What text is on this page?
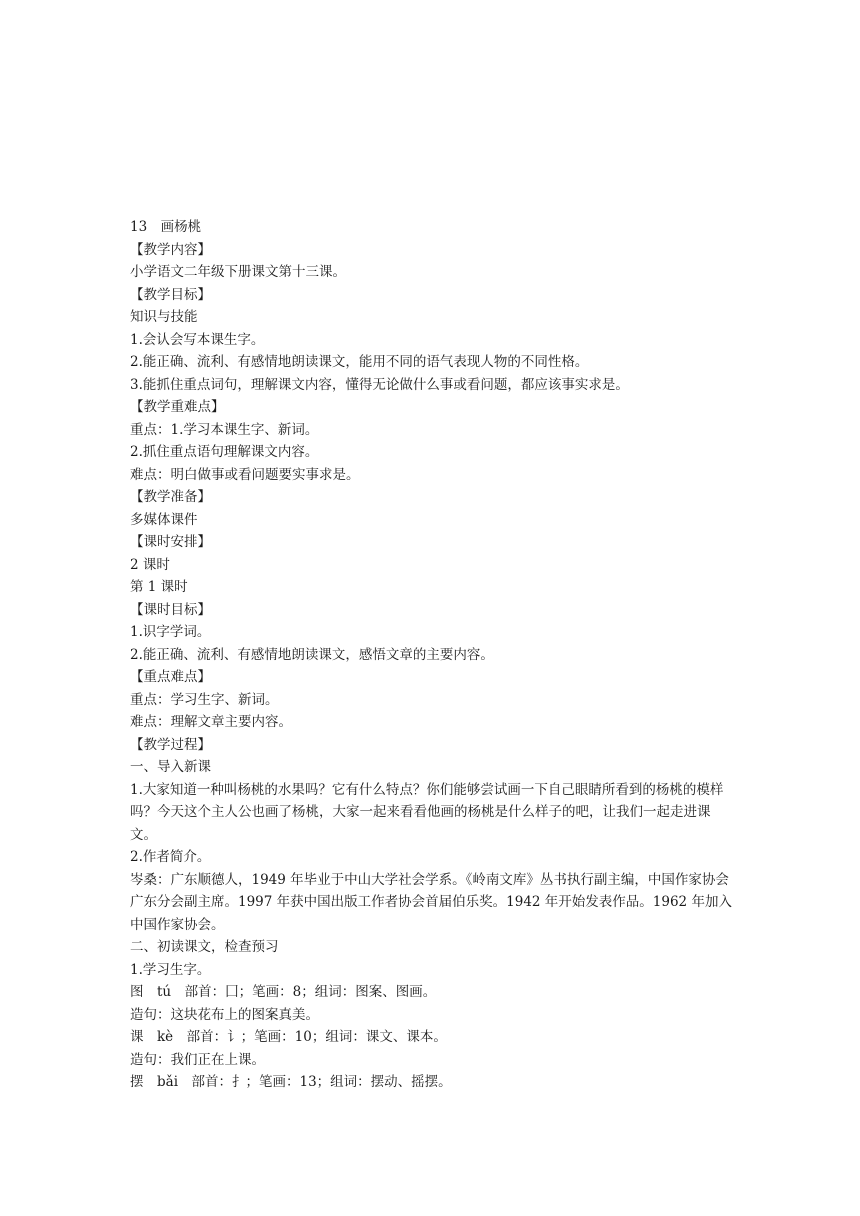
13　画杨桃
【教学内容】
小学语文二年级下册课文第十三课。
【教学目标】
知识与技能
1.会认会写本课生字。
2.能正确、流利、有感情地朗读课文，能用不同的语气表现人物的不同性格。
3.能抓住重点词句，理解课文内容，懂得无论做什么事或看问题，都应该事实求是。
【教学重难点】
重点：1.学习本课生字、新词。
2.抓住重点语句理解课文内容。
难点：明白做事或看问题要实事求是。
【教学准备】
多媒体课件
【课时安排】
2 课时
第 1 课时
【课时目标】
1.识字学词。
2.能正确、流利、有感情地朗读课文，感悟文章的主要内容。
【重点难点】
重点：学习生字、新词。
难点：理解文章主要内容。
【教学过程】
一、导入新课
1.大家知道一种叫杨桃的水果吗？它有什么特点？你们能够尝试画一下自己眼睛所看到的杨桃的模样吗？今天这个主人公也画了杨桃，大家一起来看看他画的杨桃是什么样子的吧，让我们一起走进课文。
2.作者简介。
岑桑：广东顺德人，1949 年毕业于中山大学社会学系。《岭南文库》丛书执行副主编，中国作家协会广东分会副主席。1997 年获中国出版工作者协会首届伯乐奖。1942 年开始发表作品。1962 年加入中国作家协会。
二、初读课文，检查预习
1.学习生字。
图　tú　部首：囗；笔画：8；组词：图案、图画。
造句：这块花布上的图案真美。
课　kè　部首：讠；笔画：10；组词：课文、课本。
造句：我们正在上课。
摆　bǎi　部首：扌；笔画：13；组词：摆动、摇摆。
